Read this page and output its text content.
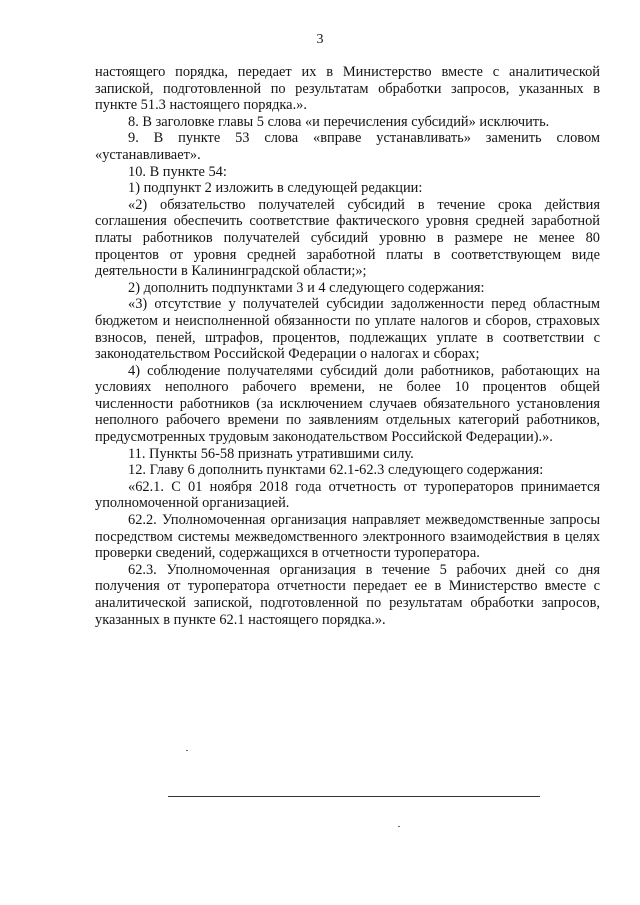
3

настоящего порядка, передает их в Министерство вместе с аналитической запиской, подготовленной по результатам обработки запросов, указанных в пункте 51.3 настоящего порядка.».

8. В заголовке главы 5 слова «и перечисления субсидий» исключить.

9. В пункте 53 слова «вправе устанавливать» заменить словом «устанавливает».

10. В пункте 54:

1) подпункт 2 изложить в следующей редакции:

«2) обязательство получателей субсидий в течение срока действия соглашения обеспечить соответствие фактического уровня средней заработной платы работников получателей субсидий уровню в размере не менее 80 процентов от уровня средней заработной платы в соответствующем виде деятельности в Калининградской области;»;

2) дополнить подпунктами 3 и 4 следующего содержания:

«3) отсутствие у получателей субсидии задолженности перед областным бюджетом и неисполненной обязанности по уплате налогов и сборов, страховых взносов, пеней, штрафов, процентов, подлежащих уплате в соответствии с законодательством Российской Федерации о налогах и сборах;

4) соблюдение получателями субсидий доли работников, работающих на условиях неполного рабочего времени, не более 10 процентов общей численности работников (за исключением случаев обязательного установления неполного рабочего времени по заявлениям отдельных категорий работников, предусмотренных трудовым законодательством Российской Федерации).».

11. Пункты 56-58 признать утратившими силу.

12. Главу 6 дополнить пунктами 62.1-62.3 следующего содержания:

«62.1. С 01 ноября 2018 года отчетность от туроператоров принимается уполномоченной организацией.

62.2. Уполномоченная организация направляет межведомственные запросы посредством системы межведомственного электронного взаимодействия в целях проверки сведений, содержащихся в отчетности туроператора.

62.3. Уполномоченная организация в течение 5 рабочих дней со дня получения от туроператора отчетности передает ее в Министерство вместе с аналитической запиской, подготовленной по результатам обработки запросов, указанных в пункте 62.1 настоящего порядка.».
